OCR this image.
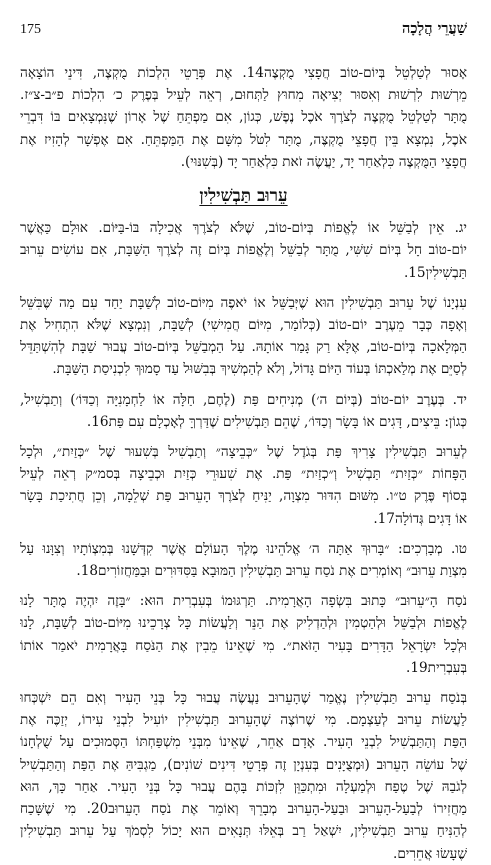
175	שַׁעֲרֵי הֲלָכָה
אָסוּר לְטַלְטֵל בְּיוֹם-טוֹב חֲפָצִי מֻקְצֶה14. אֶת פְּרָטֵי הִלְכוֹת מֻקְצֶה, דִּינֵי הוֹצָאָה
מֵרְשׁוּת לִרְשׁוּת וְאִסּוּר יְצִיאָה מִחוּץ לַתְּחוּם, רְאֵה לְעֵיל בְּפֶרֶק כ׳ הִלְכוֹת פ״ב-צ״ז.
מֻתָּר לְטַלְטֵל מֻקְצֶה לְצֹרֶךְ אֹכֶל נֶפֶשׁ, כְּגוֹן, אִם מַפְתֵּחַ שֶׁל אָרוֹן שֶׁנִּמְצָאִים בּוֹ דִּבְרֵי
אֹכֶל, נִמְצָא בֵּין חֲפָצֵי מֻקְצֶה, מֻתָּר לִטֹּל מִשָּׁם אֶת הַמַּפְתֵּחַ. אִם אֶפְשָׁר לְהָזִיז אֶת
חֲפָצֵי הַמֻּקְצֶה כִּלְאַחַר יָד, יַעֲשֶׂה זֹאת כִּלְאַחַר יָד (בְּשִׁנּוּי).
עֵרוּב תַּבְשִׁילִין
יג. אֵין לְבַשֵּׁל אוֹ לֶאֱפוֹת בְּיוֹם-טוֹב, שֶׁלֹּא לְצֹרֶךְ אֲכִילָה בּוֹ-בַּיּוֹם. אוּלָם כַּאֲשֶׁר
יוֹם-טוֹב חָל בְּיוֹם שִׁשִּׁי, מֻתָּר לְבַשֵּׁל וְלֶאֱפוֹת בְּיוֹם זֶה לְצֹרֶךְ הַשַּׁבָּת, אִם עוֹשִׂים עֵרוּב
תַּבְשִׁילִין15.
עִנְיָנוֹ שֶׁל עֵרוּב תַּבְשִׁילִין הוּא שֶׁיְּבַשֵּׁל אוֹ יֹאפֶה מִיּוֹם-טוֹב לְשַׁבָּת יַחַד עִם מַה שֶּׁבִּשֵּׁל
וְאָפָה כְּבָר מֵעֶרֶב יוֹם-טוֹב (כְּלוֹמַר, מִיּוֹם חֲמִישִׁי) לְשַׁבָּת, וְנִמְצָא שֶׁלֹּא הִתְחִיל אֶת
הַמְּלָאכָה בְּיוֹם-טוֹב, אֶלָּא רַק גָּמַר אוֹתָהּ. עַל הַמְבַשֵּׁל בְּיוֹם-טוֹב עֲבוּר שַׁבָּת לְהִשְׁתַּדֵּל
לְסַיֵּם אֶת מְלַאכְתּוֹ בְּעוֹד הַיּוֹם גָּדוֹל, וְלֹא לְהַמְשִׁיךְ בְּבִשּׁוּל עַד סָמוּךְ לִכְנִיסַת הַשַּׁבָּת.
יד. בְּעֶרֶב יוֹם-טוֹב (בְּיוֹם ה׳) מְנִיחִים פַּת (לֶחֶם, חַלָּה אוֹ לַחְמָנִיָּה וְכַדּוֹ׳) וְתַבְשִׁיל,
כְּגוֹן: בֵּיצִים, דָּגִים אוֹ בָּשָׂר וְכַדּוֹ׳, שֶׁהֵם תַּבְשִׁילִים שֶׁדַּרְךָּ לְאָכְלָם עִם פַּת16.
לְעֵרוּב תַּבְשִׁילִין צָרִיךְ פַּת בְּגֹדֶל שֶׁל ״כְּבֵיצָה״ וְתַבְשִׁיל בְּשִׁעוּר שֶׁל ״כְּזַיִת״, וּלְכָל
הַפָּחוֹת ״כְּזַיִת״ תַּבְשִׁיל וְ״כְזַיִת״ פַּת. אֶת שִׁעוּרֵי כְּזַיִת וּכְבֵיצָה בְּסמ״ק רְאֵה לְעֵיל
בְּסוֹף פֶּרֶק ט״ו. מִשּׁוּם הִדּוּר מִצְוָה, יַנִּיחַ לְצֹרֶךְ הָעֵרוּב פַּת שְׁלֵמָה, וְכֵן חֲתִיכַת בָּשָׂר
אוֹ דָּגִים גְּדוֹלָה17.
טו. מְבָרְכִים: ״בָּרוּךְ אַתָּה ה׳ אֱלֹהֵינוּ מֶלֶךְ הָעוֹלָם אֲשֶׁר קִדְּשָׁנוּ בְּמִצְוֹתָיו וְצִוָּנוּ עַל
מִצְוַת עֵרוּב״ וְאוֹמְרִים אֶת נֹסַח עֵרוּב תַּבְשִׁילִין הַמּוּבָא בַּסִּדּוּרִים וּבַמַּחֲזוֹרִים18.
נֹסַח הָ״עֵרוּב״ כָּתוּב בִּשְׂפָה הָאֲרָמִית. תַּרְגּוּמוֹ בְּעִבְרִית הוּא: ״בָּזֶה יִהְיֶה מֻתָּר לָנוּ
לֶאֱפוֹת וּלְבַשֵּׁל וּלְהַטְמִין וּלְהַדְלִיק אֶת הַנֵּר וְלַעֲשׂוֹת כָּל צְרָכֵינוּ מִיּוֹם-טוֹב לְשַׁבָּת, לָנוּ
וּלְכָל יִשְׂרָאֵל הַדָּרִים בָּעִיר הַזֹּאת״. מִי שֶׁאֵינוֹ מֵבִין אֶת הַנֹּסַח בָּאֲרָמִית יֹאמַר אוֹתוֹ
בְּעִבְרִית19.
בְּנֹסַח עֵרוּב תַּבְשִׁילִין נֶאֱמַר שֶׁהָעֵרוּב נַעֲשֶׂה עֲבוּר כָּל בְּנֵי הָעִיר וְאִם הֵם יִשְׁכְּחוּ
לַעֲשׂוֹת עֵרוּב לְעַצְמָם. מִי שֶׁרוֹצֶה שֶׁהָעֵרוּב תַּבְשִׁילִין יוֹעִיל לִבְנֵי עִירוֹ, יְזַכֶּה אֶת
הַפַּת וְהַתַּבְשִׁיל לִבְנֵי הָעִיר. אָדָם אַחֵר, שֶׁאֵינוֹ מִבְּנֵי מִשְׁפַּחְתּוֹ הַסְּמוּכִים עַל שֻׁלְחָנוֹ
שֶׁל עוֹשֵׂה הָעֵרוּב (וּמְצֻיָּנִים בְּעִנְיָן זֶה פְּרָטֵי דִּינִים שׁוֹנִים), מַגְבִּיהַּ אֶת הַפַּת וְהַתַּבְשִׁיל
לְגֹבַהּ שֶׁל טֶפַח וּלְמַעְלָה וּמִתְכַּוֵּן לִזְכּוֹת בָּהֶם עֲבוּר כָּל בְּנֵי הָעִיר. אַחַר כָּךְ, הוּא
מַחֲזִירוֹ לְבַעַל-הָעֵרוּב וּבַעַל-הָעֵרוּב מְבָרֵךְ וְאוֹמֵר אֶת נֹסַח הָעֵרוּב20. מִי שֶׁשָּׁכַח
לְהַנִּיחַ עֵרוּב תַּבְשִׁילִין, יִשְׁאַל רַב בְּאֵלּוּ תְּנָאִים הוּא יָכוֹל לִסְמֹךְ עַל עֵרוּב תַּבְשִׁילִין
שֶׁעָשׂוּ אֲחֵרִים.
